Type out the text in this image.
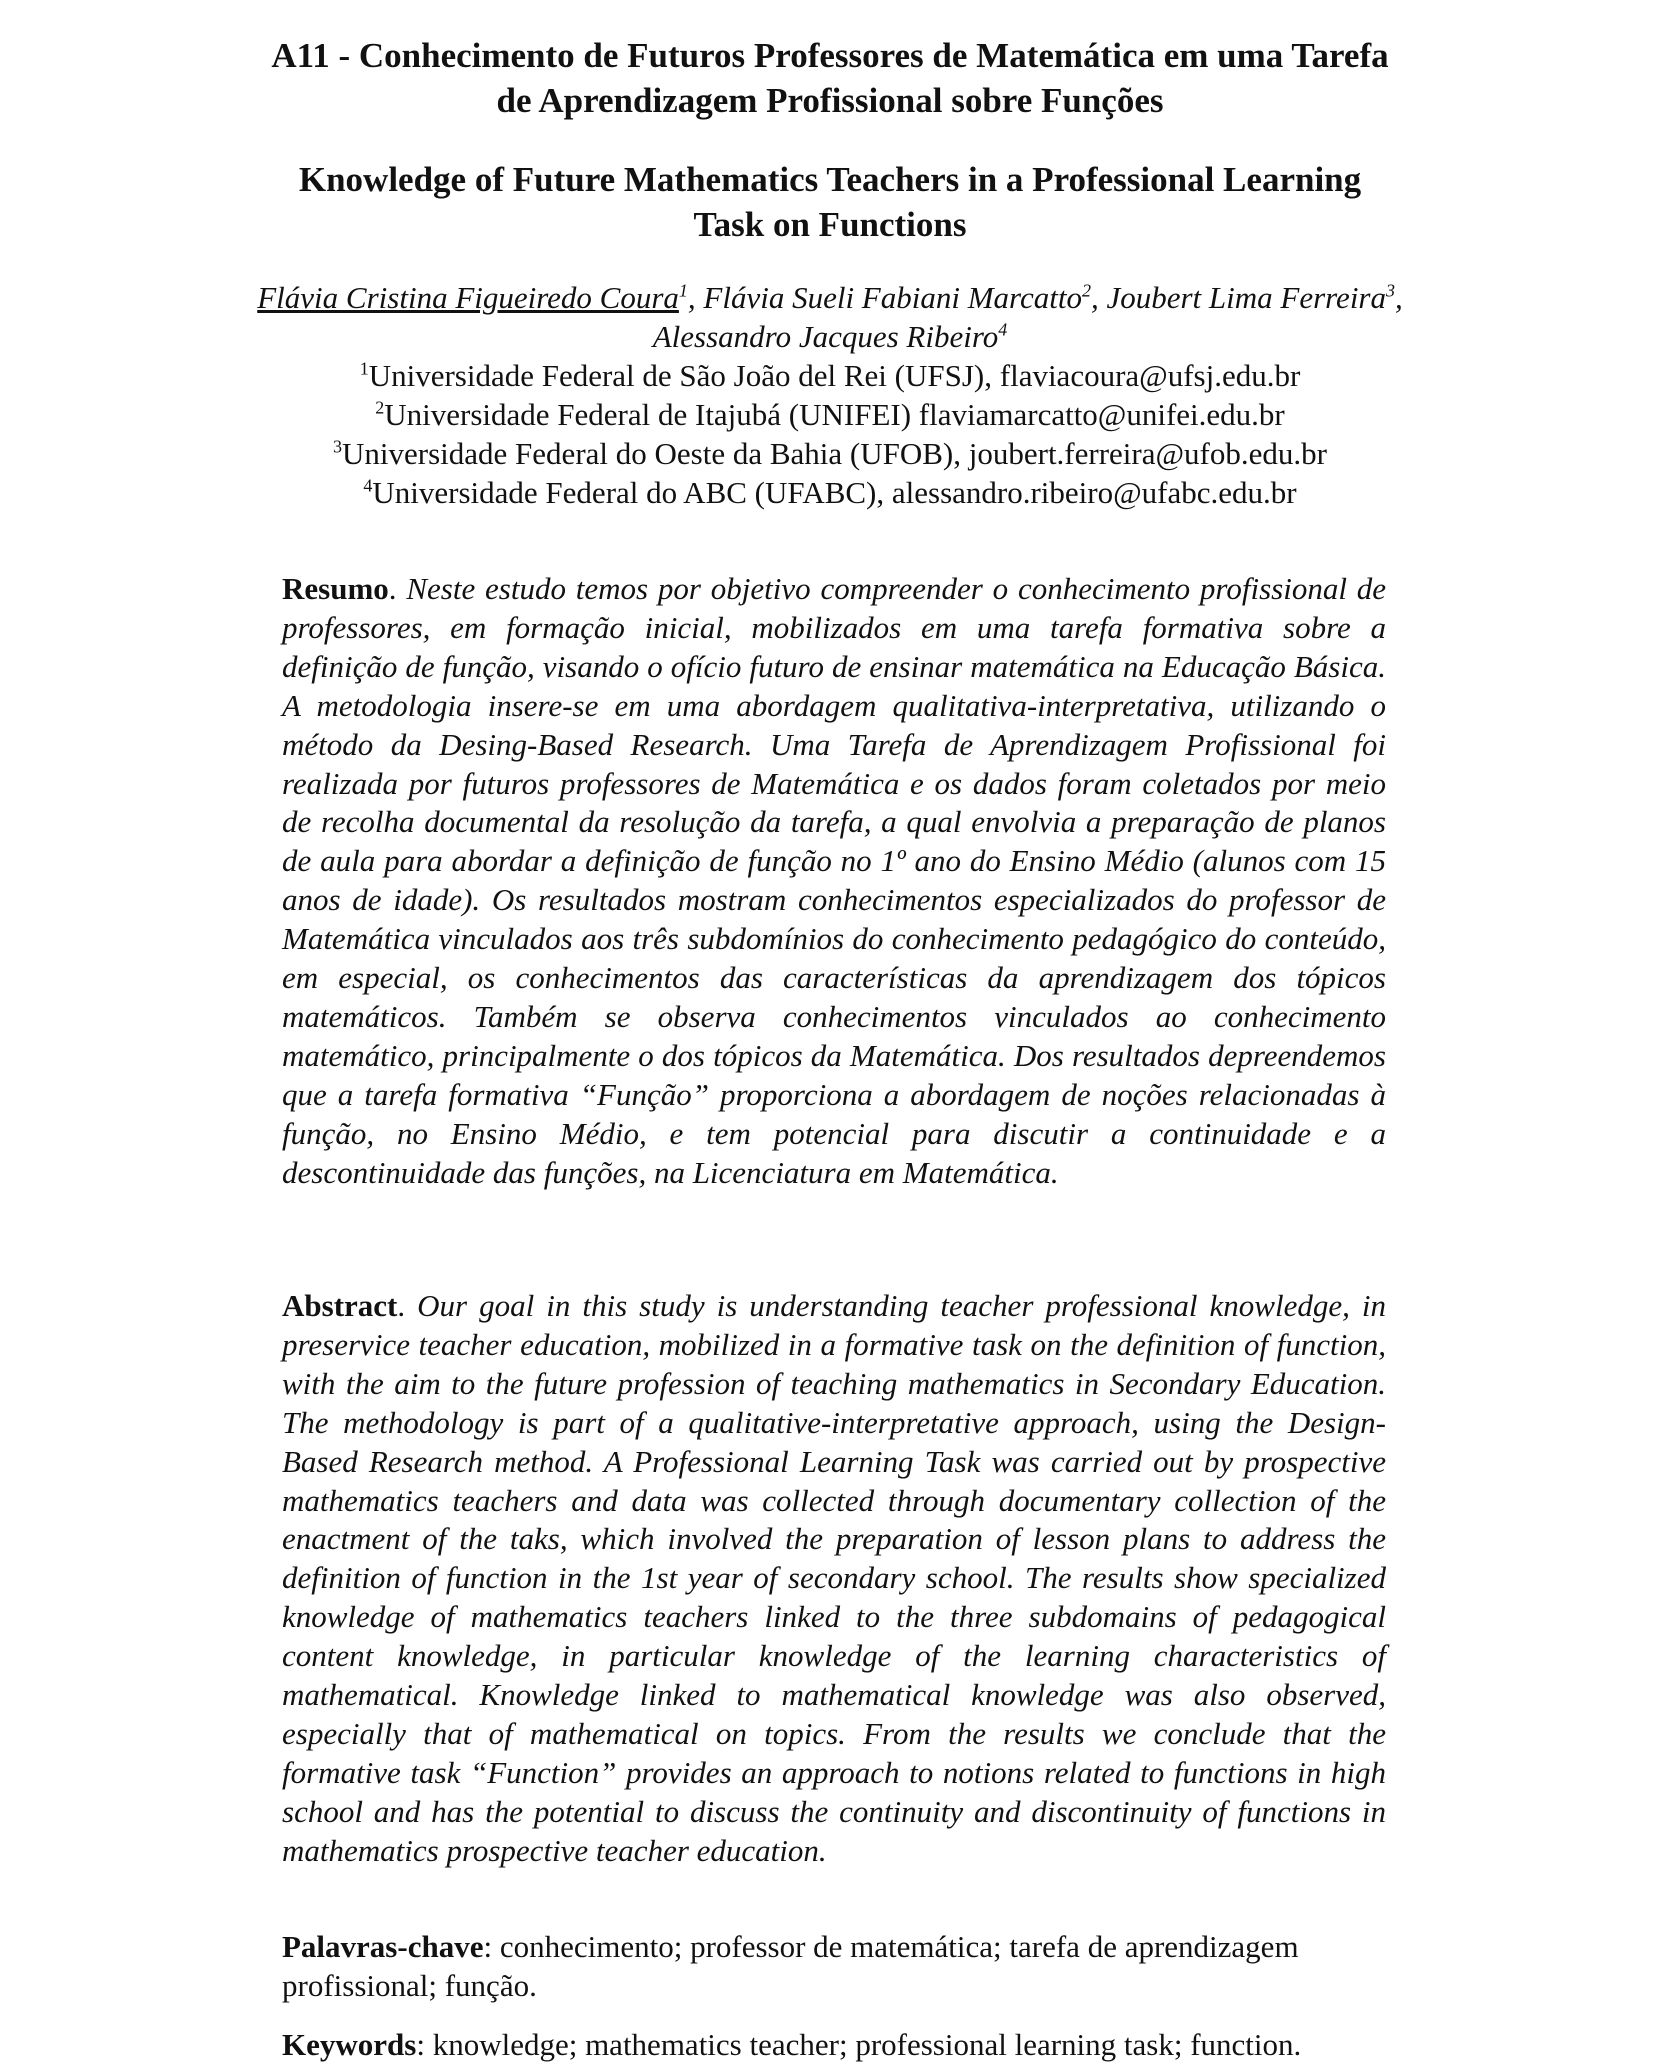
A11 - Conhecimento de Futuros Professores de Matemática em uma Tarefa
de Aprendizagem Profissional sobre Funções
Knowledge of Future Mathematics Teachers in a Professional Learning
Task on Functions
Flávia Cristina Figueiredo Coura$^1$, Flávia Sueli Fabiani Marcatto$^2$, Joubert Lima Ferreira$^3$,
Alessandro Jacques Ribeiro$^4$
$^1$Universidade Federal de São João del Rei (UFSJ), flaviacoura@ufsj.edu.br
$^2$Universidade Federal de Itajubá (UNIFEI) flaviamarcatto@unifei.edu.br
$^3$Universidade Federal do Oeste da Bahia (UFOB), joubert.ferreira@ufob.edu.br
$^4$Universidade Federal do ABC (UFABC), alessandro.ribeiro@ufabc.edu.br
Resumo. Neste estudo temos por objetivo compreender o conhecimento profissional de professores, em formação inicial, mobilizados em uma tarefa formativa sobre a definição de função, visando o ofício futuro de ensinar matemática na Educação Básica. A metodologia insere-se em uma abordagem qualitativa-interpretativa, utilizando o método da Desing-Based Research. Uma Tarefa de Aprendizagem Profissional foi realizada por futuros professores de Matemática e os dados foram coletados por meio de recolha documental da resolução da tarefa, a qual envolvia a preparação de planos de aula para abordar a definição de função no 1º ano do Ensino Médio (alunos com 15 anos de idade). Os resultados mostram conhecimentos especializados do professor de Matemática vinculados aos três subdomínios do conhecimento pedagógico do conteúdo, em especial, os conhecimentos das características da aprendizagem dos tópicos matemáticos. Também se observa conhecimentos vinculados ao conhecimento matemático, principalmente o dos tópicos da Matemática. Dos resultados depreendemos que a tarefa formativa “Função” proporciona a abordagem de noções relacionadas à função, no Ensino Médio, e tem potencial para discutir a continuidade e a descontinuidade das funções, na Licenciatura em Matemática.
Abstract. Our goal in this study is understanding teacher professional knowledge, in preservice teacher education, mobilized in a formative task on the definition of function, with the aim to the future profession of teaching mathematics in Secondary Education. The methodology is part of a qualitative-interpretative approach, using the Design-Based Research method. A Professional Learning Task was carried out by prospective mathematics teachers and data was collected through documentary collection of the enactment of the taks, which involved the preparation of lesson plans to address the definition of function in the 1st year of secondary school. The results show specialized knowledge of mathematics teachers linked to the three subdomains of pedagogical content knowledge, in particular knowledge of the learning characteristics of mathematical. Knowledge linked to mathematical knowledge was also observed, especially that of mathematical on topics. From the results we conclude that the formative task “Function” provides an approach to notions related to functions in high school and has the potential to discuss the continuity and discontinuity of functions in mathematics prospective teacher education.
Palavras-chave: conhecimento; professor de matemática; tarefa de aprendizagem profissional; função.
Keywords: knowledge; mathematics teacher; professional learning task; function.
